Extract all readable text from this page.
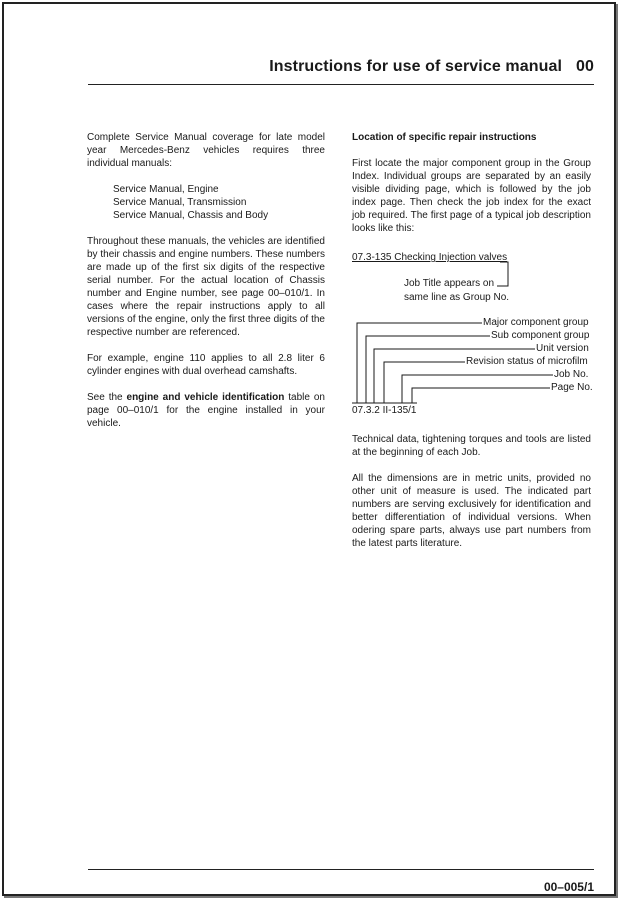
Instructions for use of service manual 00

Complete Service Manual coverage for late model year Mercedes-Benz vehicles requires three individual manuals:

Service Manual, Engine
Service Manual, Transmission
Service Manual, Chassis and Body

Throughout these manuals, the vehicles are identified by their chassis and engine numbers. These numbers are made up of the first six digits of the respective serial number. For the actual location of Chassis number and Engine number, see page 00–010/1. In cases where the repair instructions apply to all versions of the engine, only the first three digits of the respective number are referenced.

For example, engine 110 applies to all 2.8 liter 6 cylinder engines with dual overhead camshafts.

See the engine and vehicle identification table on page 00–010/1 for the engine installed in your vehicle.

Location of specific repair instructions

First locate the major component group in the Group Index. Individual groups are separated by an easily visible dividing page, which is followed by the job index page. Then check the job index for the exact job required. The first page of a typical job description looks like this:

07.3-135 Checking Injection valves
Job Title appears on
same line as Group No.
Major component group
Sub component group
Unit version
Revision status of microfilm
Job No.
Page No.
07.3.2 II-135/1

Technical data, tightening torques and tools are listed at the beginning of each Job.

All the dimensions are in metric units, provided no other unit of measure is used. The indicated part numbers are serving exclusively for identification and better differentiation of individual versions. When odering spare parts, always use part numbers from the latest parts literature.

00–005/1
